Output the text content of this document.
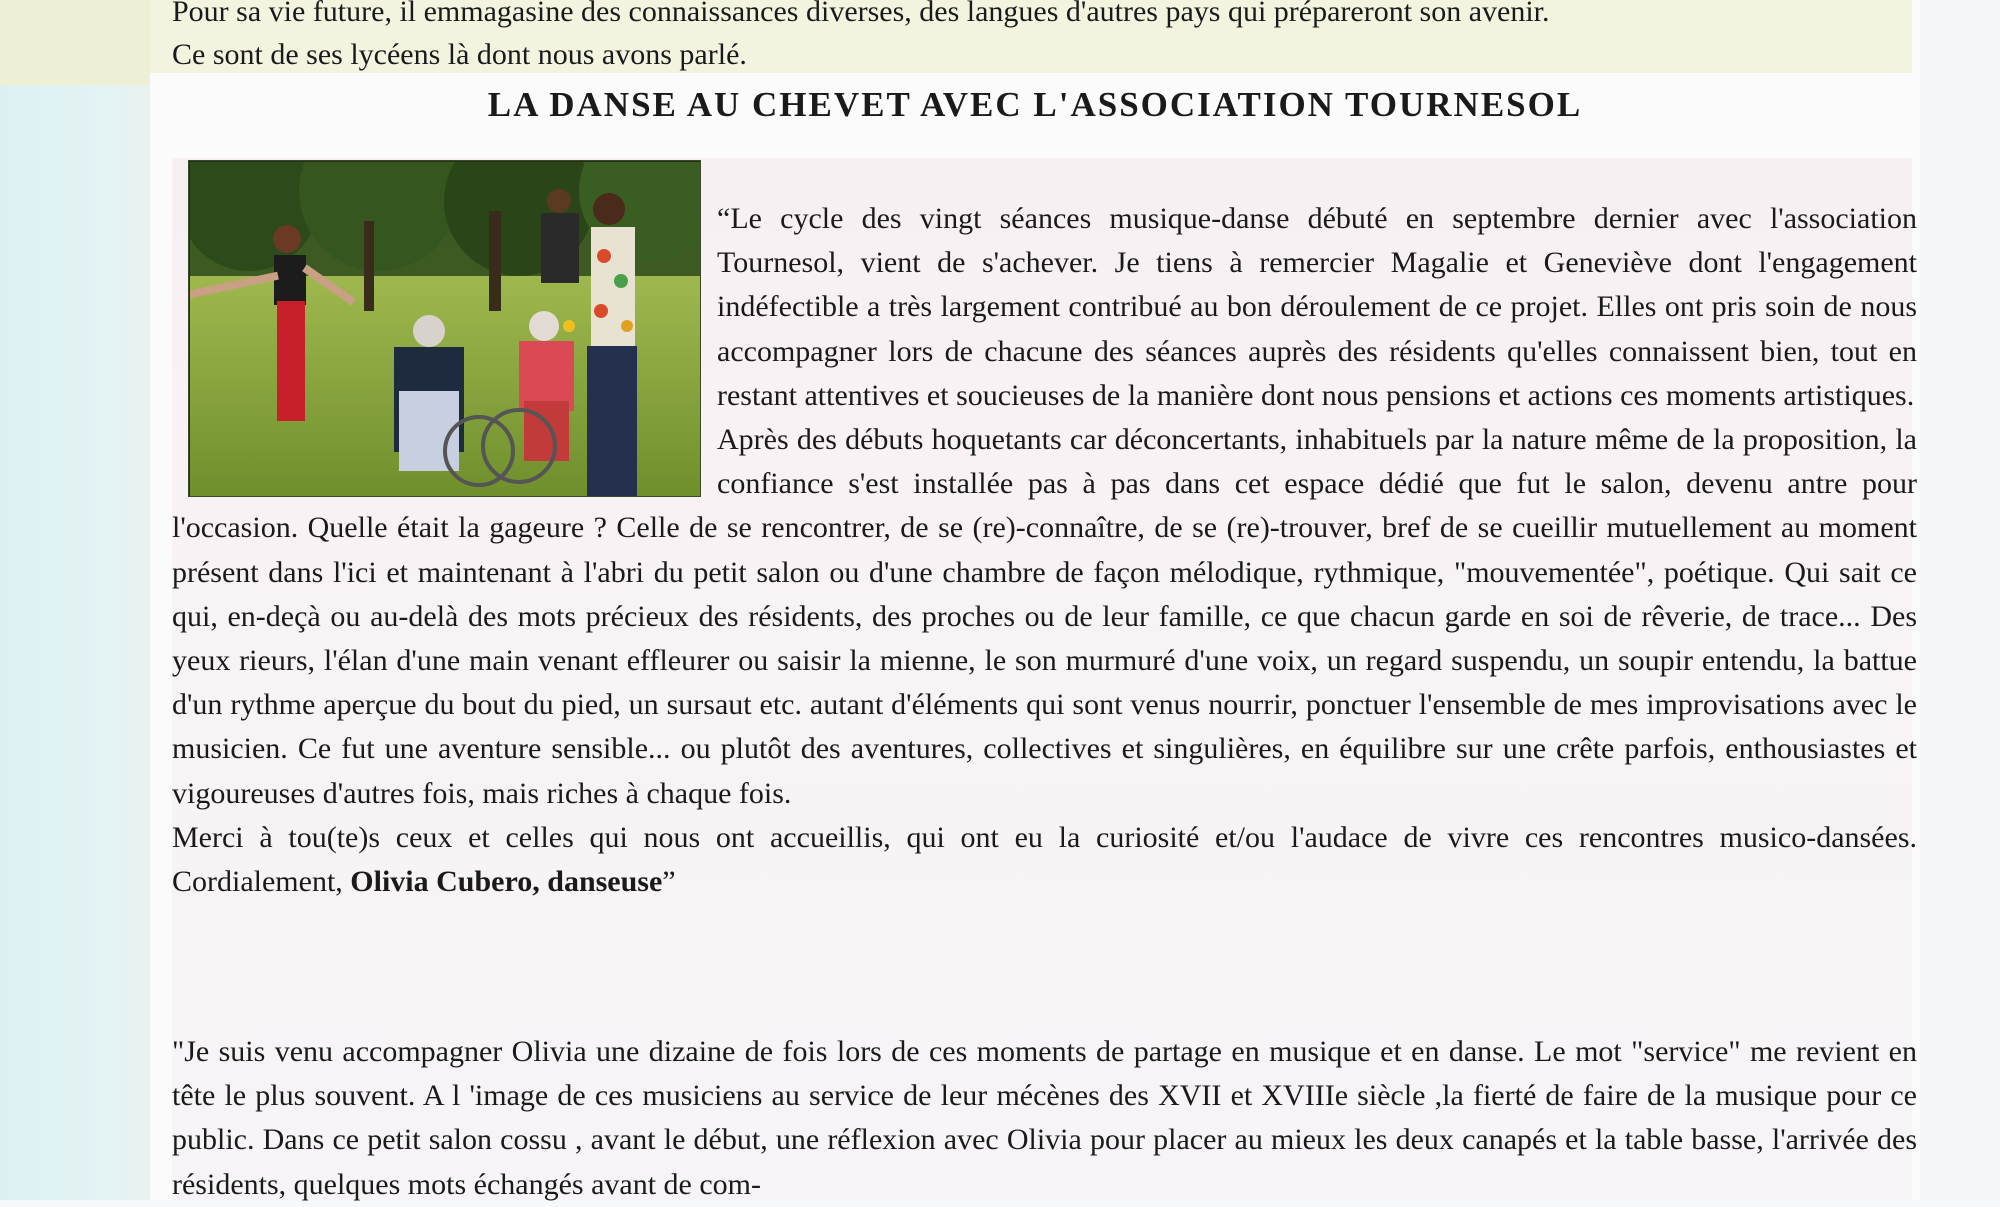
Pour sa vie future, il emmagasine des connaissances diverses, des langues d'autres pays qui prépareront son avenir.
Ce sont de ses lycéens là dont nous avons parlé.
LA DANSE AU CHEVET AVEC L'ASSOCIATION TOURNESOL

“Le cycle des vingt séances musique-danse débuté en septembre dernier avec l'association Tournesol, vient de s'achever. Je tiens à remercier Magalie et Geneviève dont l'engagement indéfectible a très largement contribué au bon déroulement de ce projet. Elles ont pris soin de nous accompagner lors de chacune des séances auprès des résidents qu'elles connaissent bien, tout en restant attentives et soucieuses de la manière dont nous pensions et actions ces moments artistiques.

Après des débuts hoquetants car déconcertants, inhabituels par la nature même de la proposition, la confiance s'est installée pas à pas dans cet espace dédié que fut le salon, devenu antre pour l'occasion. Quelle était la gageure ? Celle de se rencontrer, de se (re)-connaître, de se (re)-trouver, bref de se cueillir mutuellement au moment présent dans l'ici et maintenant à l'abri du petit salon ou d'une chambre de façon mélodique, rythmique, "mouvementée", poétique. Qui sait ce qui, en-deçà ou au-delà des mots précieux des résidents, des proches ou de leur famille, ce que chacun garde en soi de rêverie, de trace... Des yeux rieurs, l'élan d'une main venant effleurer ou saisir la mienne, le son murmuré d'une voix, un regard suspendu, un soupir entendu, la battue d'un rythme aperçue du bout du pied, un sursaut etc. autant d'éléments qui sont venus nourrir, ponctuer l'ensemble de mes improvisations avec le musicien. Ce fut une aventure sensible... ou plutôt des aventures, collectives et singulières, en équilibre sur une crête parfois, enthousiastes et vigoureuses d'autres fois, mais riches à chaque fois.

Merci à tou(te)s ceux et celles qui nous ont accueillis, qui ont eu la curiosité et/ou l'audace de vivre ces rencontres musico-dansées. Cordialement, Olivia Cubero, danseuse”

"Je suis venu accompagner Olivia une dizaine de fois lors de ces moments de partage en musique et en danse. Le mot "service" me revient en tête le plus souvent. A l 'image de ces musiciens au service de leur mécènes des XVII et XVIIIe siècle ,la fierté de faire de la musique pour ce public. Dans ce petit salon cossu , avant le début, une réflexion avec Olivia pour placer au mieux les deux canapés et la table basse, l'arrivée des résidents, quelques mots échangés avant de com-
